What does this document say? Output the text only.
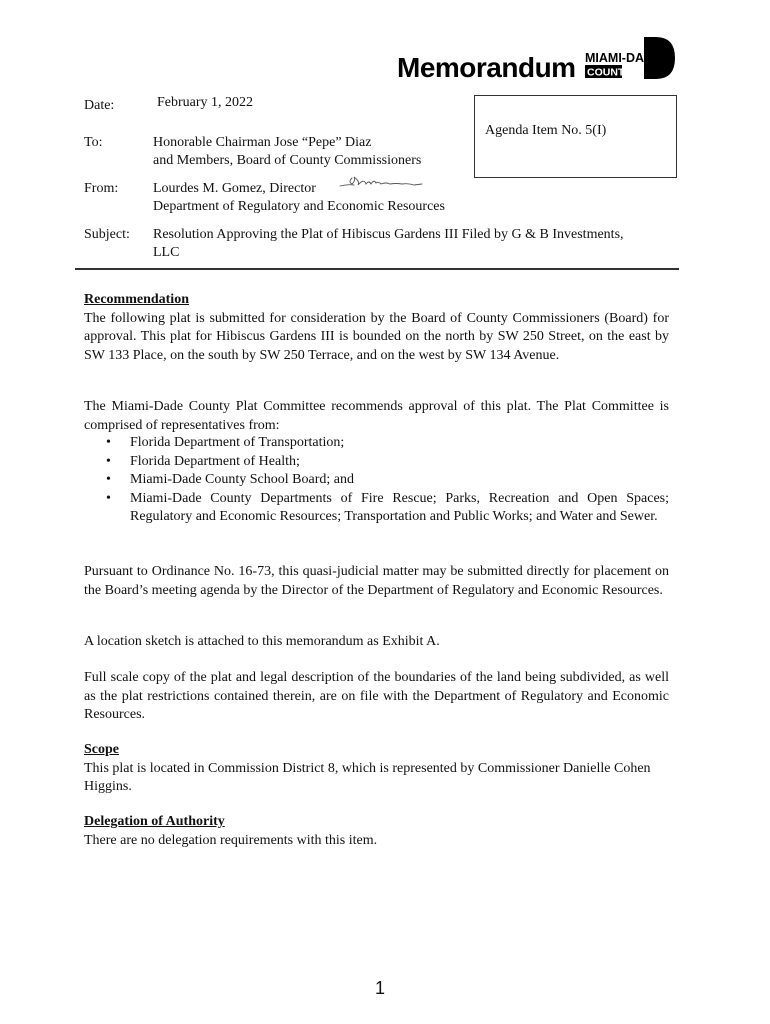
Memorandum MIAMI-DADE
COUNTY
Date:	February 1, 2022
Agenda Item No. 5(I)
To:	Honorable Chairman Jose “Pepe” Diaz
and Members, Board of County Commissioners
From: Lourdes M. Gomez, Director
Department of Regulatory and Economic Resources
Subject: Resolution Approving the Plat of Hibiscus Gardens III Filed by G & B Investments,
LLC
Recommendation
The following plat is submitted for consideration by the Board of County Commissioners (Board) for approval. This plat for Hibiscus Gardens III is bounded on the north by SW 250 Street, on the east by SW 133 Place, on the south by SW 250 Terrace, and on the west by SW 134 Avenue.
The Miami-Dade County Plat Committee recommends approval of this plat. The Plat Committee is comprised of representatives from:
• Florida Department of Transportation;
• Florida Department of Health;
• Miami-Dade County School Board; and
• Miami-Dade County Departments of Fire Rescue; Parks, Recreation and Open Spaces; Regulatory and Economic Resources; Transportation and Public Works; and Water and Sewer.
Pursuant to Ordinance No. 16-73, this quasi-judicial matter may be submitted directly for placement on the Board’s meeting agenda by the Director of the Department of Regulatory and Economic Resources.
A location sketch is attached to this memorandum as Exhibit A.
Full scale copy of the plat and legal description of the boundaries of the land being subdivided, as well as the plat restrictions contained therein, are on file with the Department of Regulatory and Economic Resources.
Scope
This plat is located in Commission District 8, which is represented by Commissioner Danielle Cohen Higgins.
Delegation of Authority
There are no delegation requirements with this item.
1
